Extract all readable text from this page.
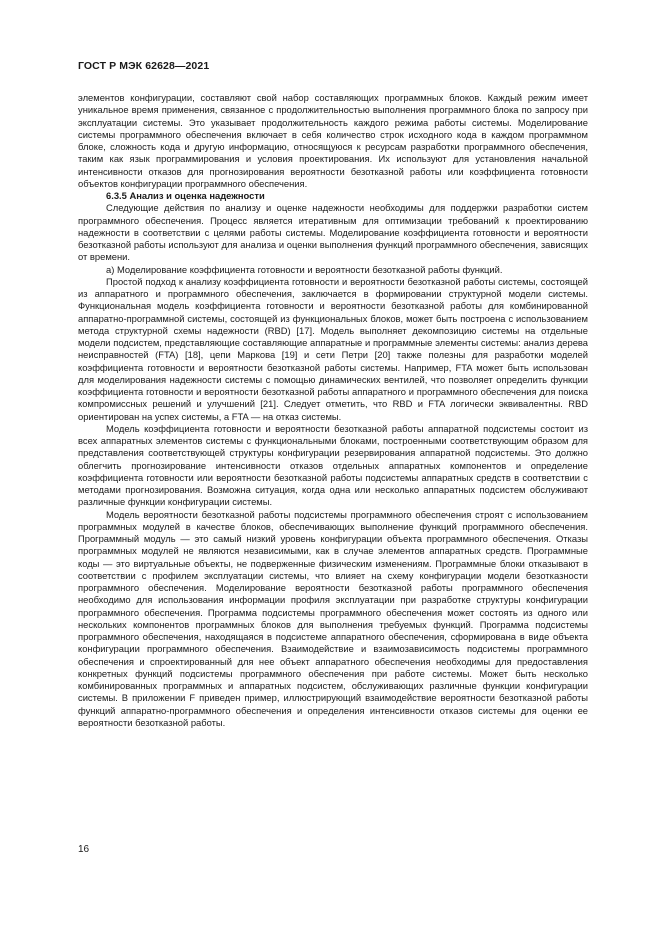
ГОСТ Р МЭК 62628—2021

элементов конфигурации, составляют свой набор составляющих программных блоков. Каждый режим имеет уникальное время применения, связанное с продолжительностью выполнения программного блока по запросу при эксплуатации системы. Это указывает продолжительность каждого режима работы системы. Моделирование системы программного обеспечения включает в себя количество строк исходного кода в каждом программном блоке, сложность кода и другую информацию, относящуюся к ресурсам разработки программного обеспечения, таким как язык программирования и условия проектирования. Их используют для установления начальной интенсивности отказов для прогнозирования вероятности безотказной работы или коэффициента готовности объектов конфигурации программного обеспечения.

6.3.5 Анализ и оценка надежности

Следующие действия по анализу и оценке надежности необходимы для поддержки разработки систем программного обеспечения. Процесс является итеративным для оптимизации требований к проектированию надежности в соответствии с целями работы системы. Моделирование коэффициента готовности и вероятности безотказной работы используют для анализа и оценки выполнения функций программного обеспечения, зависящих от времени.

а) Моделирование коэффициента готовности и вероятности безотказной работы функций.

Простой подход к анализу коэффициента готовности и вероятности безотказной работы системы, состоящей из аппаратного и программного обеспечения, заключается в формировании структурной модели системы. Функциональная модель коэффициента готовности и вероятности безотказной работы для комбинированной аппаратно-программной системы, состоящей из функциональных блоков, может быть построена с использованием метода структурной схемы надежности (RBD) [17]. Модель выполняет декомпозицию системы на отдельные модели подсистем, представляющие составляющие аппаратные и программные элементы системы: анализ дерева неисправностей (FTA) [18], цепи Маркова [19] и сети Петри [20] также полезны для разработки моделей коэффициента готовности и вероятности безотказной работы системы. Например, FTA может быть использован для моделирования надежности системы с помощью динамических вентилей, что позволяет определить функции коэффициента готовности и вероятности безотказной работы аппаратного и программного обеспечения для поиска компромиссных решений и улучшений [21]. Следует отметить, что RBD и FTA логически эквивалентны. RBD ориентирован на успех системы, а FTA — на отказ системы.

Модель коэффициента готовности и вероятности безотказной работы аппаратной подсистемы состоит из всех аппаратных элементов системы с функциональными блоками, построенными соответствующим образом для представления соответствующей структуры конфигурации резервирования аппаратной подсистемы. Это должно облегчить прогнозирование интенсивности отказов отдельных аппаратных компонентов и определение коэффициента готовности или вероятности безотказной работы подсистемы аппаратных средств в соответствии с методами прогнозирования. Возможна ситуация, когда одна или несколько аппаратных подсистем обслуживают различные функции конфигурации системы.

Модель вероятности безотказной работы подсистемы программного обеспечения строят с использованием программных модулей в качестве блоков, обеспечивающих выполнение функций программного обеспечения. Программный модуль — это самый низкий уровень конфигурации объекта программного обеспечения. Отказы программных модулей не являются независимыми, как в случае элементов аппаратных средств. Программные коды — это виртуальные объекты, не подверженные физическим изменениям. Программные блоки отказывают в соответствии с профилем эксплуатации системы, что влияет на схему конфигурации модели безотказности программного обеспечения. Моделирование вероятности безотказной работы программного обеспечения необходимо для использования информации профиля эксплуатации при разработке структуры конфигурации программного обеспечения. Программа подсистемы программного обеспечения может состоять из одного или нескольких компонентов программных блоков для выполнения требуемых функций. Программа подсистемы программного обеспечения, находящаяся в подсистеме аппаратного обеспечения, сформирована в виде объекта конфигурации программного обеспечения. Взаимодействие и взаимозависимость подсистемы программного обеспечения и спроектированный для нее объект аппаратного обеспечения необходимы для предоставления конкретных функций подсистемы программного обеспечения при работе системы. Может быть несколько комбинированных программных и аппаратных подсистем, обслуживающих различные функции конфигурации системы. В приложении F приведен пример, иллюстрирующий взаимодействие вероятности безотказной работы функций аппаратно-программного обеспечения и определения интенсивности отказов системы для оценки ее вероятности безотказной работы.

16
